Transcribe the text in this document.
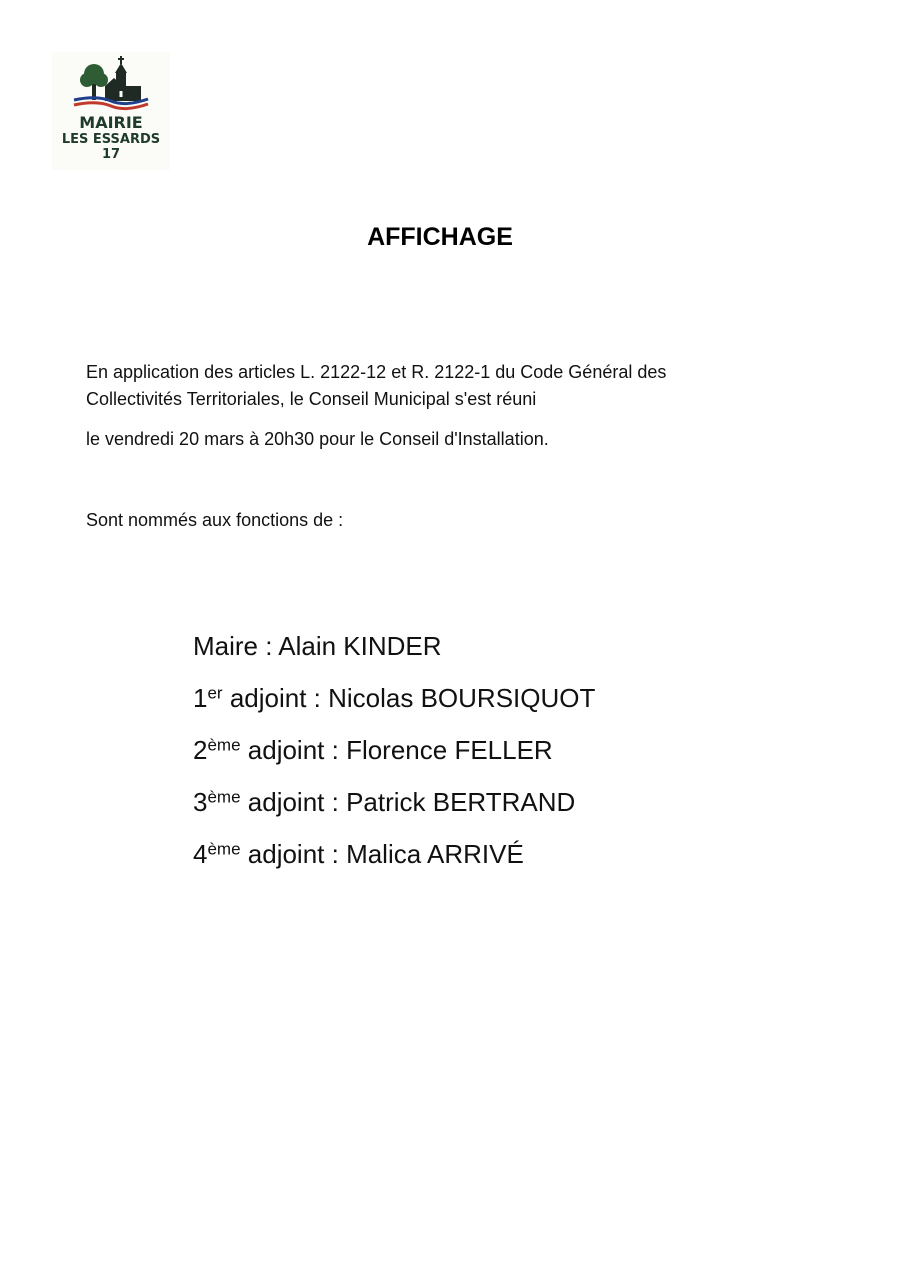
MAIRIE
LES ESSARDS
17
AFFICHAGE
En application des articles L. 2122-12 et R. 2122-1 du Code Général des
Collectivités Territoriales, le Conseil Municipal s'est réuni
le vendredi 20 mars à 20h30 pour le Conseil d'Installation.
Sont nommés aux fonctions de :
Maire : Alain KINDER
1er adjoint : Nicolas BOURSIQUOT
2ème adjoint : Florence FELLER
3ème adjoint : Patrick BERTRAND
4ème adjoint : Malica ARRIVÉ
